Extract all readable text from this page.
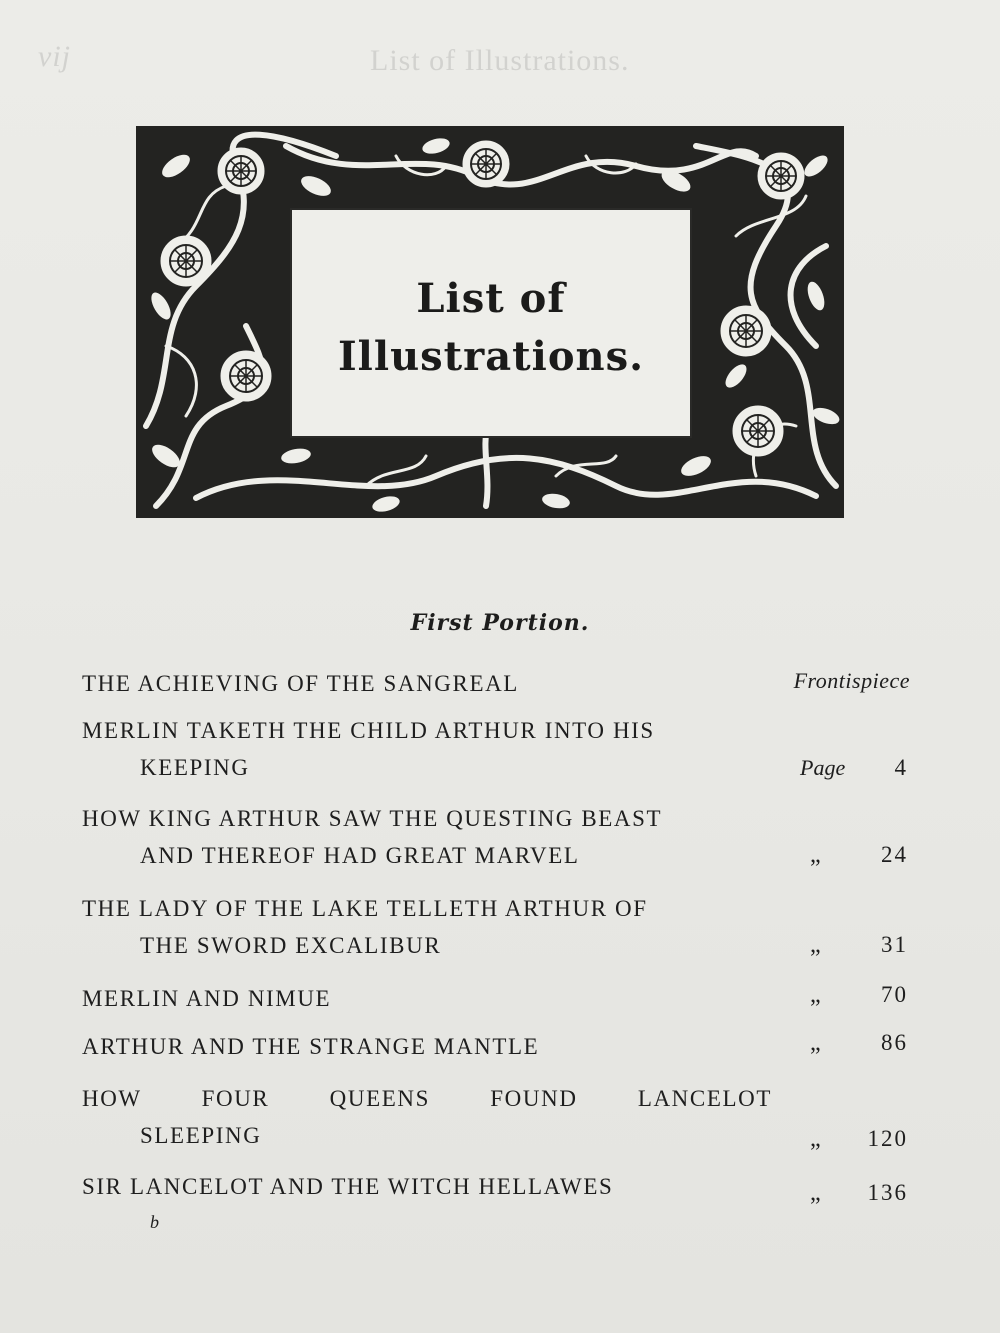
vij	List of Illustrations.
List of
Illustrations.
First Portion.
THE ACHIEVING OF THE SANGREAL	Frontispiece
MERLIN TAKETH THE CHILD ARTHUR INTO HIS
KEEPING	Page 4
HOW KING ARTHUR SAW THE QUESTING BEAST
AND THEREOF HAD GREAT MARVEL	„	24
THE LADY OF THE LAKE TELLETH ARTHUR OF
THE SWORD EXCALIBUR	„	31
MERLIN AND NIMUE	„	70
ARTHUR AND THE STRANGE MANTLE	„	86
HOW FOUR QUEENS FOUND LANCELOT
SLEEPING	„ 120
SIR LANCELOT AND THE WITCH HELLAWES	„ 136
b
